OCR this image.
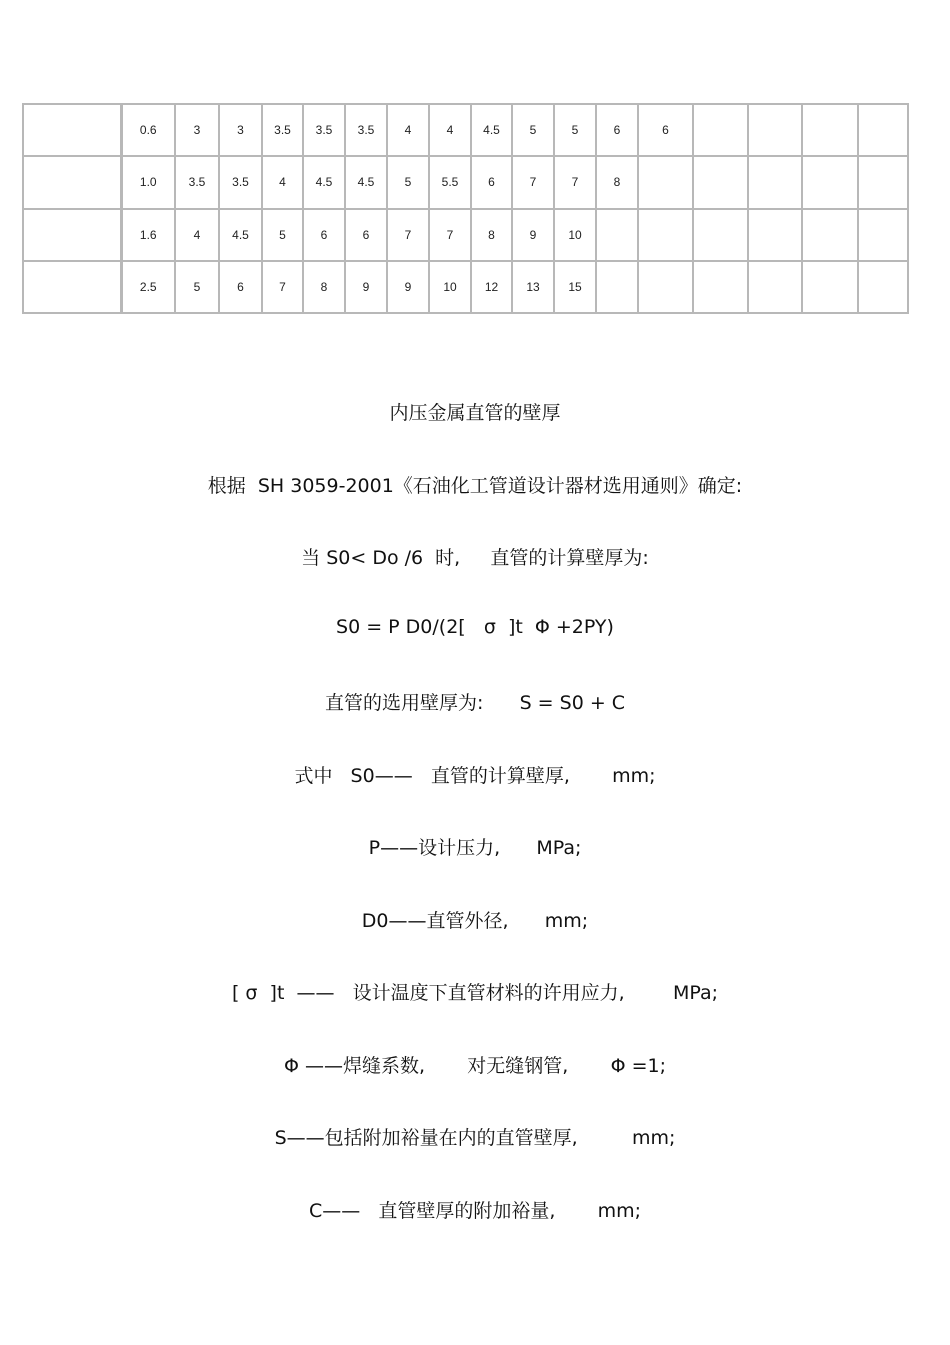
	0.6	3	3	3.5	3.5	3.5	4	4	4.5	5	5	6	6				
	1.0	3.5	3.5	4	4.5	4.5	5	5.5	6	7	7	8					
	1.6	4	4.5	5	6	6	7	7	8	9	10						
	2.5	5	6	7	8	9	9	10	12	13	15						
内压金属直管的壁厚
根据  SH 3059-2001《石油化工管道设计器材选用通则》确定:
当 S0< Do /6  时,     直管的计算壁厚为:
S0 = P D0/(2[   σ  ]t  Φ +2PY)
直管的选用壁厚为:      S = S0 + C
式中   S0——   直管的计算壁厚,       mm;
P——设计压力,      MPa;
D0——直管外径,      mm;
[ σ  ]t  ——   设计温度下直管材料的许用应力,        MPa;
Φ ——焊缝系数,       对无缝钢管,       Φ =1;
S——包括附加裕量在内的直管壁厚,         mm;
C——   直管壁厚的附加裕量,       mm;
